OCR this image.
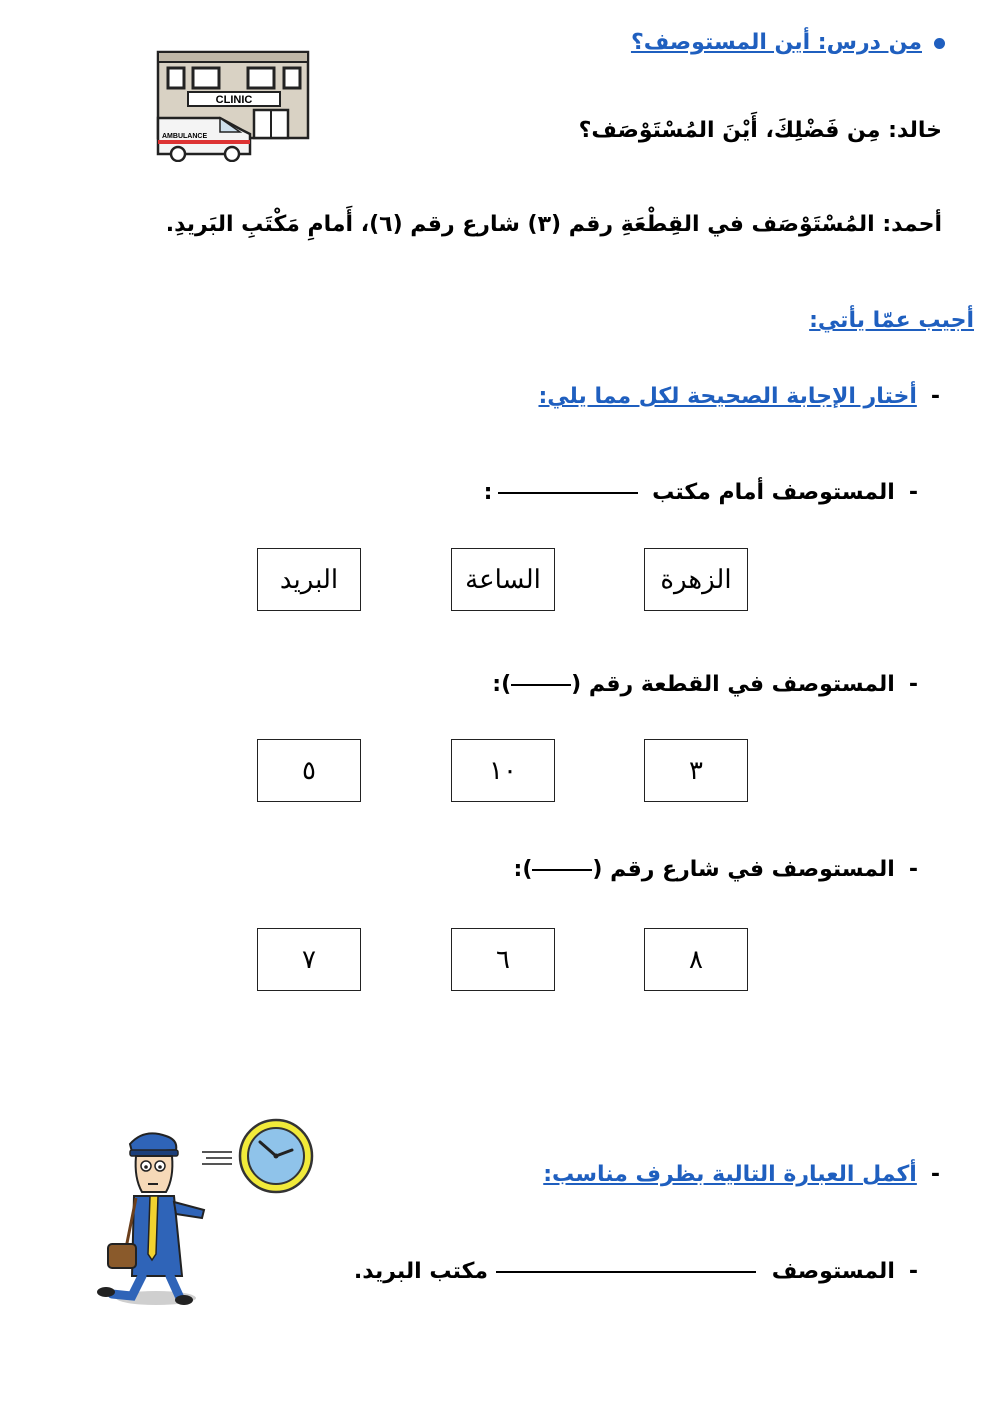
CLINIC
AMBULANCE
من درس: أين المستوصف؟
خالد: مِن فَضْلِكَ، أَيْنَ المُسْتَوْصَف؟
أحمد: المُسْتَوْصَف في القِطْعَةِ رقم (٣) شارع رقم (٦)، أَمامِ مَكْتَبِ البَريدِ.
أجيب عمّا يأتي:
-أختار الإجابة الصحيحة لكل مما يلي:
-المستوصف أمام مكتب :
الزهرة
الساعة
البريد
-المستوصف في القطعة رقم ():
٣
١٠
٥
-المستوصف في شارع رقم ():
٨
٦
٧
-أكمل العبارة التالية بظرف مناسب:
-المستوصف مكتب البريد.
